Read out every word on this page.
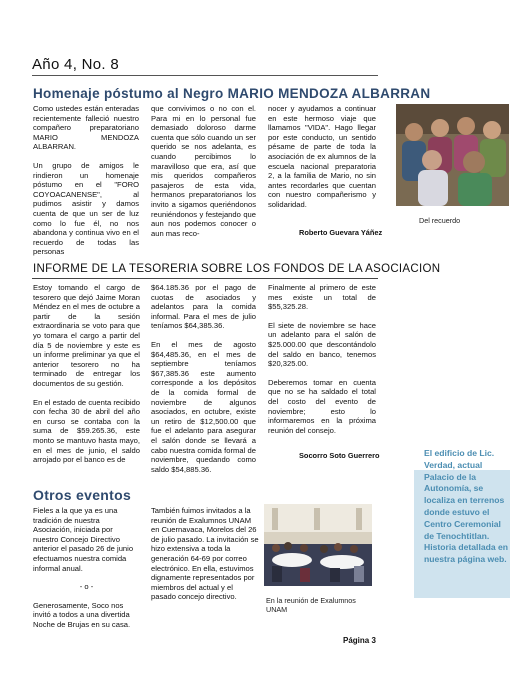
Año 4, No. 8
Homenaje póstumo al Negro MARIO MENDOZA ALBARRAN

Como ustedes están enteradas recientemente falleció nuestro compañero preparatoriano MARIO MENDOZA ALBARRAN.

Un grupo de amigos le rindieron un homenaje póstumo en el "FORO COYOACANENSE", al pudimos asistir y damos cuenta de que un ser de luz como lo fue él, no nos abandona y continua vivo en el recuerdo de todas las personas

que convivimos o no con el. Para mi en lo personal fue demasiado doloroso darme cuenta que sólo cuando un ser querido se nos adelanta, es cuando percibimos lo maravilloso que era, así que mis queridos compañeros pasajeros de esta vida, hermanos preparatorianos los invito a sigamos queriéndonos reuniéndonos y festejando que aun nos podemos conocer o aun mas reco-

nocer y ayudamos a continuar en este hermoso viaje que llamamos "VIDA". Hago llegar por este conducto, un sentido pésame de parte de toda la asociación de ex alumnos de la escuela nacional preparatoria 2, a la familia de Mario, no sin antes recordarles que cuentan con nuestro compañerismo y solidaridad.

Roberto Guevara Yáñez
Del recuerdo
INFORME DE LA TESORERIA SOBRE LOS FONDOS DE LA ASOCIACION

Estoy tomando el cargo de tesorero que dejó Jaime Moran Méndez en el mes de octubre a partir de la sesión extraordinaria se voto para que yo tomara el cargo a partir del día 5 de noviembre y este es un informe preliminar ya que el anterior tesorero no ha terminado de entregar los documentos de su gestión.

En el estado de cuenta recibido con fecha 30 de abril del año en curso se contaba con la suma de $59.265.36, este monto se mantuvo hasta mayo, en el mes de junio, el saldo arrojado por el banco es de

$64.185.36 por el pago de cuotas de asociados y adelantos para la comida informal. Para el mes de julio teníamos $64,385.36.

En el mes de agosto $64,485.36, en el mes de septiembre teníamos $67,385.36 este aumento corresponde a los depósitos de la comida formal de noviembre de algunos asociados, en octubre, existe un retiro de $12,500.00 que fue el adelanto para asegurar el salón donde se llevará a cabo nuestra comida formal de noviembre, quedando como saldo $54,885.36.

Finalmente al primero de este mes existe un total de $55,325.28.

El siete de noviembre se hace un adelanto para el salón de $25.000.00 que descontándolo del saldo en banco, tenemos $20,325.00.

Deberemos tomar en cuenta que no se ha saldado el total del costo del evento de noviembre; esto lo informaremos en la próxima reunión del consejo.

Socorro Soto Guerrero
Otros eventos

Fieles a la que ya es una tradición de nuestra Asociación, iniciada por nuestro Concejo Directivo anterior el pasado 26 de junio efectuamos nuestra comida informal anual.

- o -

Generosamente, Soco nos invitó a todos a una divertida Noche de Brujas en su casa.

También fuimos invitados a la reunión de Exalumnos UNAM en Cuernavaca, Morelos del 26 de julio pasado. La invitación se hizo extensiva a toda la generación 64-69 por correo electrónico. En ella, estuvimos dignamente representados por miembros del actual y el pasado concejo directivo.	En la reunión de Exalumnos UNAM
El edificio de Lic. Verdad, actual Palacio de la Autonomía, se localiza en terrenos donde estuvo el Centro Ceremonial de Tenochtitlan. Historia detallada en nuestra página web.
Página 3
